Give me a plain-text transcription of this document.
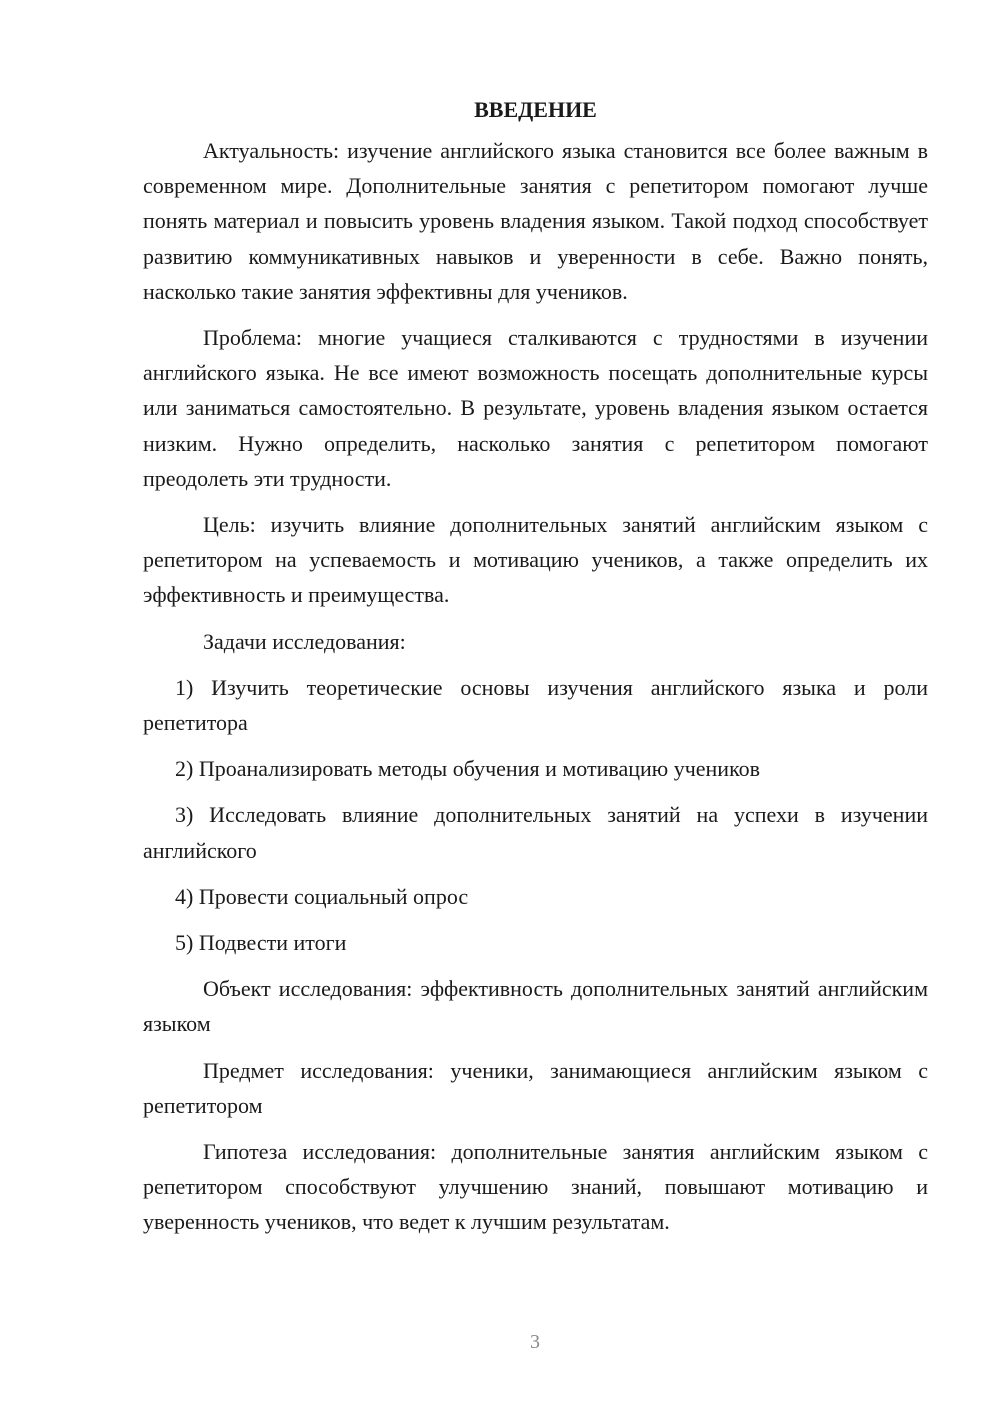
ВВЕДЕНИЕ

Актуальность: изучение английского языка становится все более важным в современном мире. Дополнительные занятия с репетитором помогают лучше понять материал и повысить уровень владения языком. Такой подход способствует развитию коммуникативных навыков и уверенности в себе. Важно понять, насколько такие занятия эффективны для учеников.

Проблема: многие учащиеся сталкиваются с трудностями в изучении английского языка. Не все имеют возможность посещать дополнительные курсы или заниматься самостоятельно. В результате, уровень владения языком остается низким. Нужно определить, насколько занятия с репетитором помогают преодолеть эти трудности.

Цель: изучить влияние дополнительных занятий английским языком с репетитором на успеваемость и мотивацию учеников, а также определить их эффективность и преимущества.

Задачи исследования:

1) Изучить теоретические основы изучения английского языка и роли репетитора

2) Проанализировать методы обучения и мотивацию учеников

3) Исследовать влияние дополнительных занятий на успехи в изучении английского

4) Провести социальный опрос

5) Подвести итоги

Объект исследования: эффективность дополнительных занятий английским языком

Предмет исследования: ученики, занимающиеся английским языком с репетитором

Гипотеза исследования: дополнительные занятия английским языком с репетитором способствуют улучшению знаний, повышают мотивацию и уверенность учеников, что ведет к лучшим результатам.

3
